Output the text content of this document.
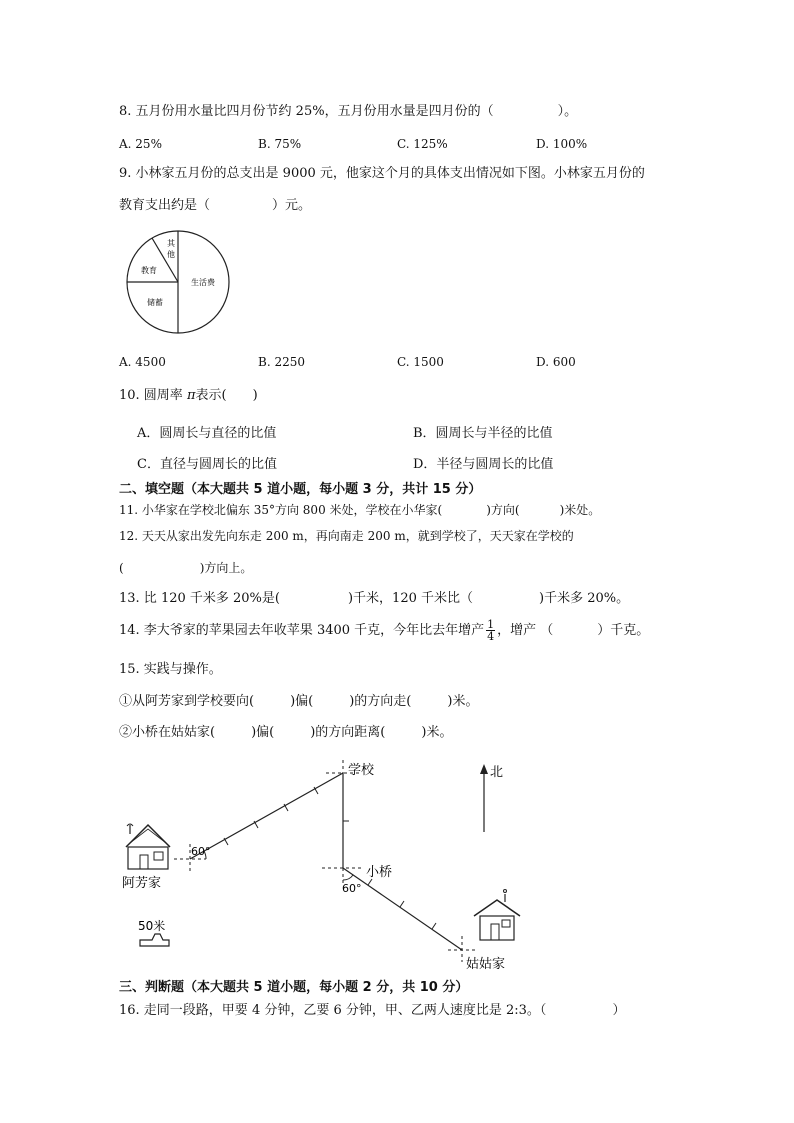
8. 五月份用水量比四月份节约 25%，五月份用水量是四月份的（	）。
A. 25%	B. 75%	C. 125%	D. 100%
9. 小林家五月份的总支出是 9000 元，他家这个月的具体支出情况如下图。小林家五月份的
教育支出约是（	）元。
生活费
储蓄
教育
其
他
A. 4500	B. 2250	C. 1500	D. 600
10. 圆周率 π表示( )
A．圆周长与直径的比值	B．圆周长与半径的比值
C．直径与圆周长的比值	D．半径与圆周长的比值
二、填空题（本大题共 5 道小题，每小题 3 分，共计 15 分）
11. 小华家在学校北偏东 35°方向 800 米处，学校在小华家(	)方向(	)米处。
12. 天天从家出发先向东走 200 m，再向南走 200 m，就到学校了，天天家在学校的
(	)方向上。
13. 比 120 千米多 20%是(	)千米，120 千米比（	)千米多 20%。
14. 李大爷家的苹果园去年收苹果 3400 千克，今年比去年增产 $\frac{1}{4}$ ，增产 （	）千克。
15. 实践与操作。
①从阿芳家到学校要向(	)偏(	)的方向走(	)米。
②小桥在姑姑家(	)偏(	)的方向距离(	)米。
学校
小桥
姑姑家
阿芳家
北
60°
60°
50米
三、判断题（本大题共 5 道小题，每小题 2 分，共 10 分）
16. 走同一段路，甲要 4 分钟，乙要 6 分钟，甲、乙两人速度比是 2:3。（	）
